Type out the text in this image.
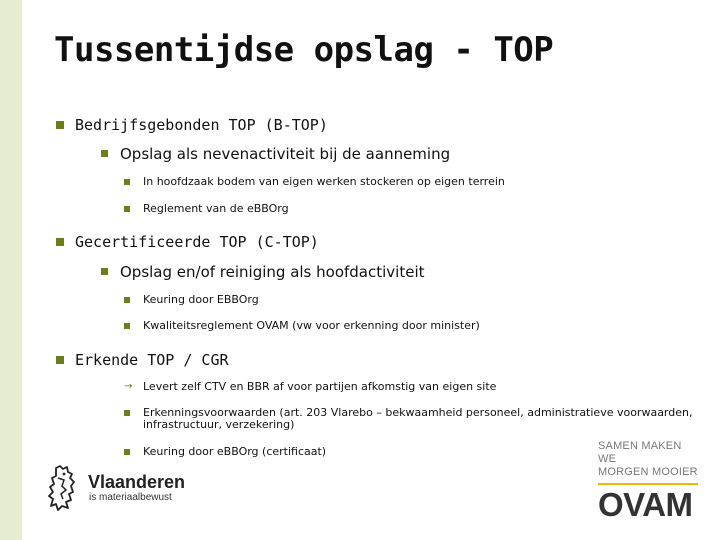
Tussentijdse opslag - TOP
Bedrijfsgebonden TOP (B-TOP)
Opslag als nevenactiviteit bij de aanneming
In hoofdzaak bodem van eigen werken stockeren op eigen terrein
Reglement van de eBBOrg
Gecertificeerde TOP (C-TOP)
Opslag en/of reiniging als hoofdactiviteit
Keuring door EBBOrg
Kwaliteitsreglement OVAM (vw voor erkenning door minister)
Erkende TOP / CGR
→ Levert zelf CTV en BBR af voor partijen afkomstig van eigen site
Erkenningsvoorwaarden (art. 203 Vlarebo – bekwaamheid personeel, administratieve voorwaarden, infrastructuur, verzekering)
Keuring door eBBOrg (certificaat)
Vlaanderen
is materiaalbewust
SAMEN MAKEN WE
MORGEN MOOIER
OVAM
